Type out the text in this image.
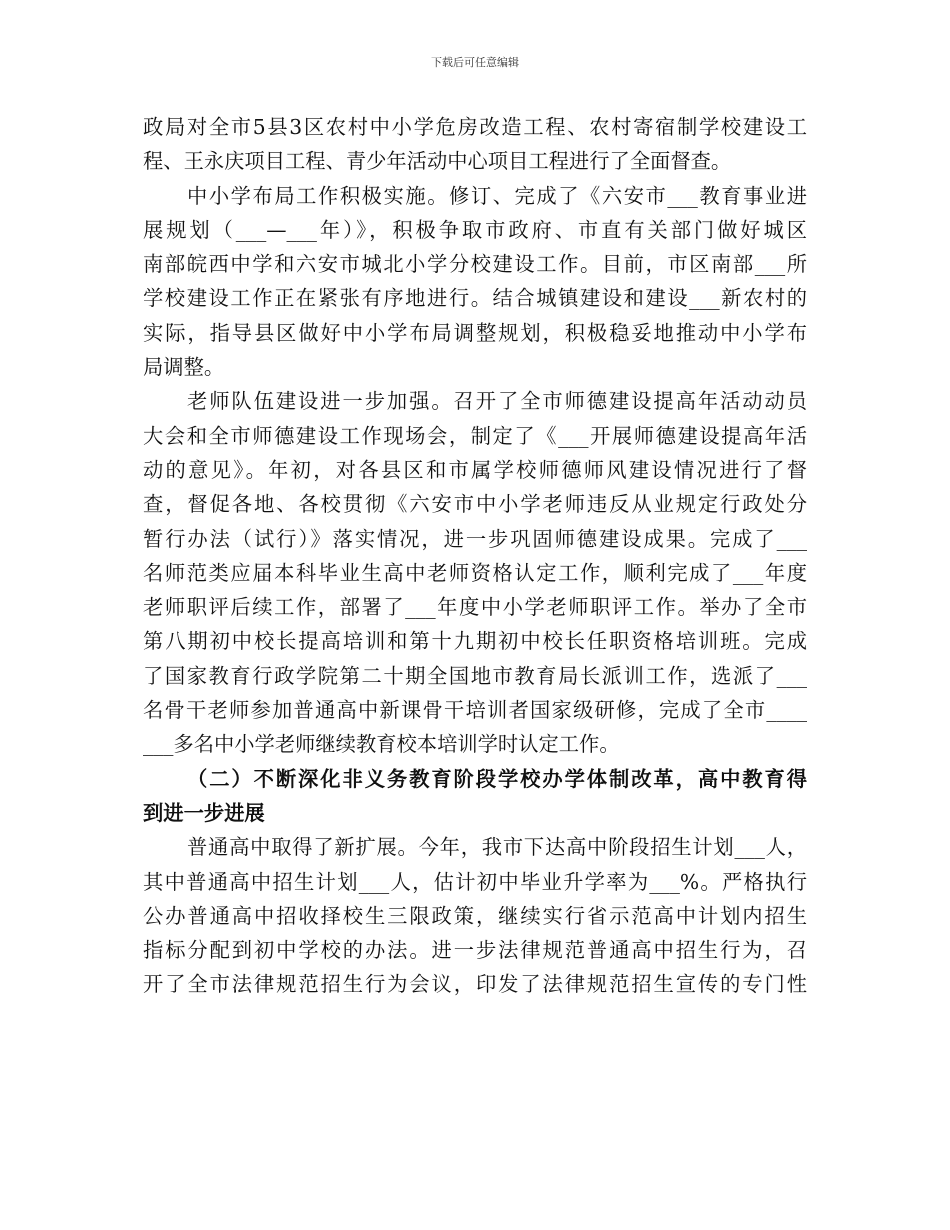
下载后可任意编辑
政局对全市5县3区农村中小学危房改造工程、农村寄宿制学校建设工
程、王永庆项目工程、青少年活动中心项目工程进行了全面督查。
中小学布局工作积极实施。修订、完成了《六安市___教育事业进
展规划（___—___年）》，积极争取市政府、市直有关部门做好城区
南部皖西中学和六安市城北小学分校建设工作。目前，市区南部___所
学校建设工作正在紧张有序地进行。结合城镇建设和建设___新农村的
实际，指导县区做好中小学布局调整规划，积极稳妥地推动中小学布
局调整。
老师队伍建设进一步加强。召开了全市师德建设提高年活动动员
大会和全市师德建设工作现场会，制定了《___开展师德建设提高年活
动的意见》。年初，对各县区和市属学校师德师风建设情况进行了督
查，督促各地、各校贯彻《六安市中小学老师违反从业规定行政处分
暂行办法（试行）》落实情况，进一步巩固师德建设成果。完成了___
名师范类应届本科毕业生高中老师资格认定工作，顺利完成了___年度
老师职评后续工作，部署了___年度中小学老师职评工作。举办了全市
第八期初中校长提高培训和第十九期初中校长任职资格培训班。完成
了国家教育行政学院第二十期全国地市教育局长派训工作，选派了___
名骨干老师参加普通高中新课骨干培训者国家级研修，完成了全市____
___多名中小学老师继续教育校本培训学时认定工作。
（二）不断深化非义务教育阶段学校办学体制改革，高中教育得
到进一步进展
普通高中取得了新扩展。今年，我市下达高中阶段招生计划___人，
其中普通高中招生计划___人，估计初中毕业升学率为___%。严格执行
公办普通高中招收择校生三限政策，继续实行省示范高中计划内招生
指标分配到初中学校的办法。进一步法律规范普通高中招生行为，召
开了全市法律规范招生行为会议，印发了法律规范招生宣传的专门性
